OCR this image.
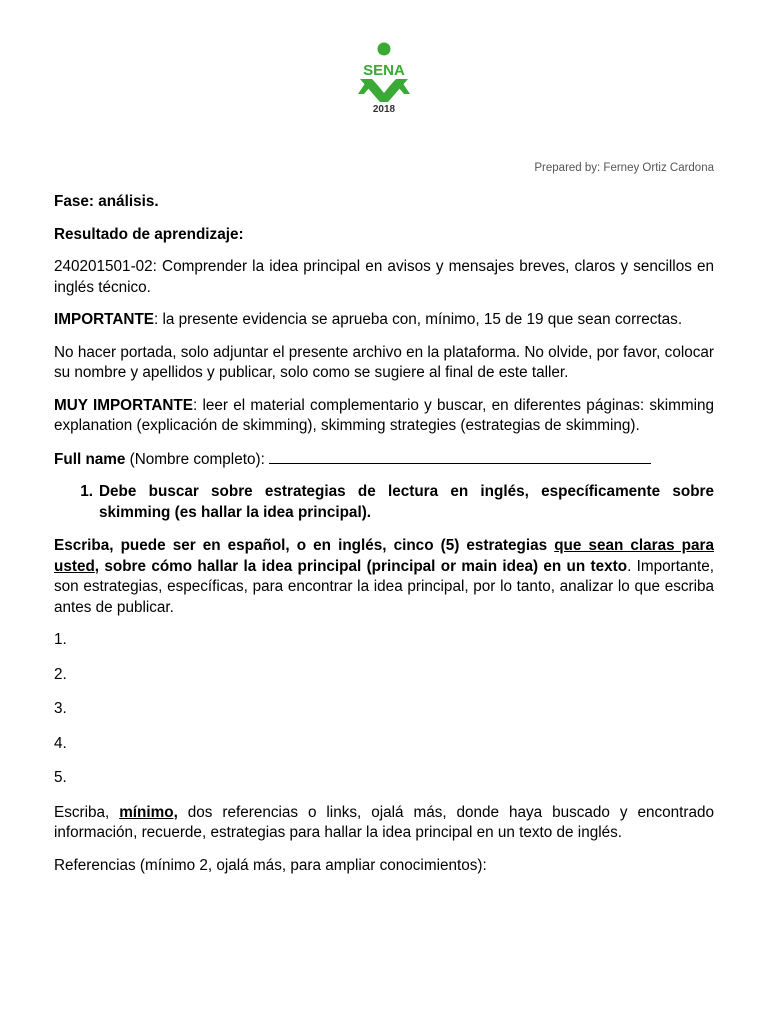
SENA
2018
Prepared by: Ferney Ortiz Cardona

Fase: análisis.

Resultado de aprendizaje:

240201501-02: Comprender la idea principal en avisos y mensajes breves, claros y sencillos en inglés técnico.

IMPORTANTE: la presente evidencia se aprueba con, mínimo, 15 de 19 que sean correctas.

No hacer portada, solo adjuntar el presente archivo en la plataforma. No olvide, por favor, colocar su nombre y apellidos y publicar, solo como se sugiere al final de este taller.

MUY IMPORTANTE: leer el material complementario y buscar, en diferentes páginas: skimming explanation (explicación de skimming), skimming strategies (estrategias de skimming).

Full name (Nombre completo):

1. Debe buscar sobre estrategias de lectura en inglés, específicamente sobre skimming (es hallar la idea principal).

Escriba, puede ser en español, o en inglés, cinco (5) estrategias que sean claras para usted, sobre cómo hallar la idea principal (principal or main idea) en un texto. Importante, son estrategias, específicas, para encontrar la idea principal, por lo tanto, analizar lo que escriba antes de publicar.

1.
2.
3.
4.
5.

Escriba, mínimo, dos referencias o links, ojalá más, donde haya buscado y encontrado información, recuerde, estrategias para hallar la idea principal en un texto de inglés.

Referencias (mínimo 2, ojalá más, para ampliar conocimientos):
